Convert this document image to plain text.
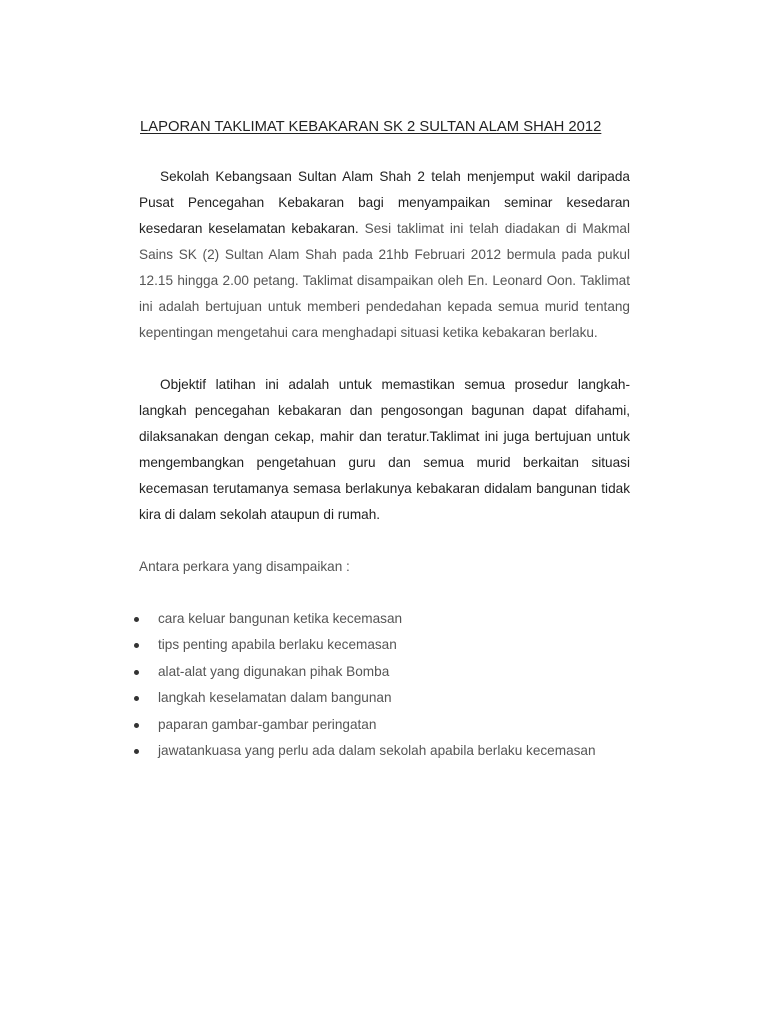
LAPORAN TAKLIMAT KEBAKARAN SK 2 SULTAN ALAM SHAH 2012
Sekolah Kebangsaan Sultan Alam Shah 2 telah menjemput wakil daripada
Pusat Pencegahan Kebakaran bagi menyampaikan seminar kesedaran
kesedaran keselamatan kebakaran. Sesi taklimat ini telah diadakan di Makmal
Sains SK (2) Sultan Alam Shah pada 21hb Februari 2012 bermula pada pukul
12.15 hingga 2.00 petang. Taklimat disampaikan oleh En. Leonard Oon. Taklimat
ini adalah bertujuan untuk memberi pendedahan kepada semua murid tentang
kepentingan mengetahui cara menghadapi situasi ketika kebakaran berlaku.
Objektif latihan ini adalah untuk memastikan semua prosedur langkah-
langkah pencegahan kebakaran dan pengosongan bagunan dapat difahami,
dilaksanakan dengan cekap, mahir dan teratur.Taklimat ini juga bertujuan untuk
mengembangkan pengetahuan guru dan semua murid berkaitan situasi
kecemasan terutamanya semasa berlakunya kebakaran didalam bangunan tidak
kira di dalam sekolah ataupun di rumah.
Antara perkara yang disampaikan :
cara keluar bangunan ketika kecemasan
tips penting apabila berlaku kecemasan
alat-alat yang digunakan pihak Bomba
langkah keselamatan dalam bangunan
paparan gambar-gambar peringatan
jawatankuasa yang perlu ada dalam sekolah apabila berlaku kecemasan
